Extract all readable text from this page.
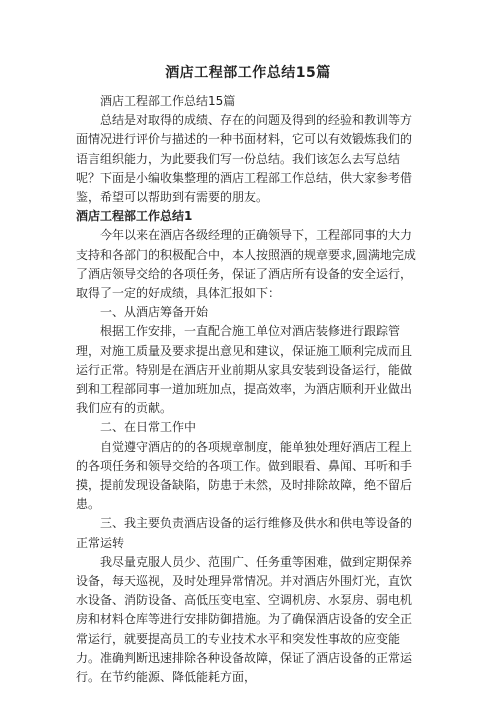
酒店工程部工作总结15篇

酒店工程部工作总结15篇

总结是对取得的成绩、存在的问题及得到的经验和教训等方面情况进行评价与描述的一种书面材料，它可以有效锻炼我们的语言组织能力，为此要我们写一份总结。我们该怎么去写总结呢？下面是小编收集整理的酒店工程部工作总结，供大家参考借鉴，希望可以帮助到有需要的朋友。

酒店工程部工作总结1

今年以来在酒店各级经理的正确领导下，工程部同事的大力支持和各部门的积极配合中，本人按照酒的规章要求,圆满地完成了酒店领导交给的各项任务，保证了酒店所有设备的安全运行，取得了一定的好成绩，具体汇报如下：

一、从酒店筹备开始

根据工作安排，一直配合施工单位对酒店装修进行跟踪管理，对施工质量及要求提出意见和建议，保证施工顺利完成而且运行正常。特别是在酒店开业前期从家具安装到设备运行，能做到和工程部同事一道加班加点，提高效率，为酒店顺利开业做出我们应有的贡献。

二、在日常工作中

自觉遵守酒店的的各项规章制度，能单独处理好酒店工程上的各项任务和领导交给的各项工作。做到眼看、鼻闻、耳听和手摸，提前发现设备缺陷，防患于未然，及时排除故障，绝不留后患。

三、我主要负责酒店设备的运行维修及供水和供电等设备的正常运转

我尽量克服人员少、范围广、任务重等困难，做到定期保养设备，每天巡视，及时处理异常情况。并对酒店外围灯光，直饮水设备、消防设备、高低压变电室、空调机房、水泵房、弱电机房和材料仓库等进行安排防御措施。为了确保酒店设备的安全正常运行，就要提高员工的专业技术水平和突发性事故的应变能力。准确判断迅速排除各种设备故障，保证了酒店设备的正常运行。在节约能源、降低能耗方面，
